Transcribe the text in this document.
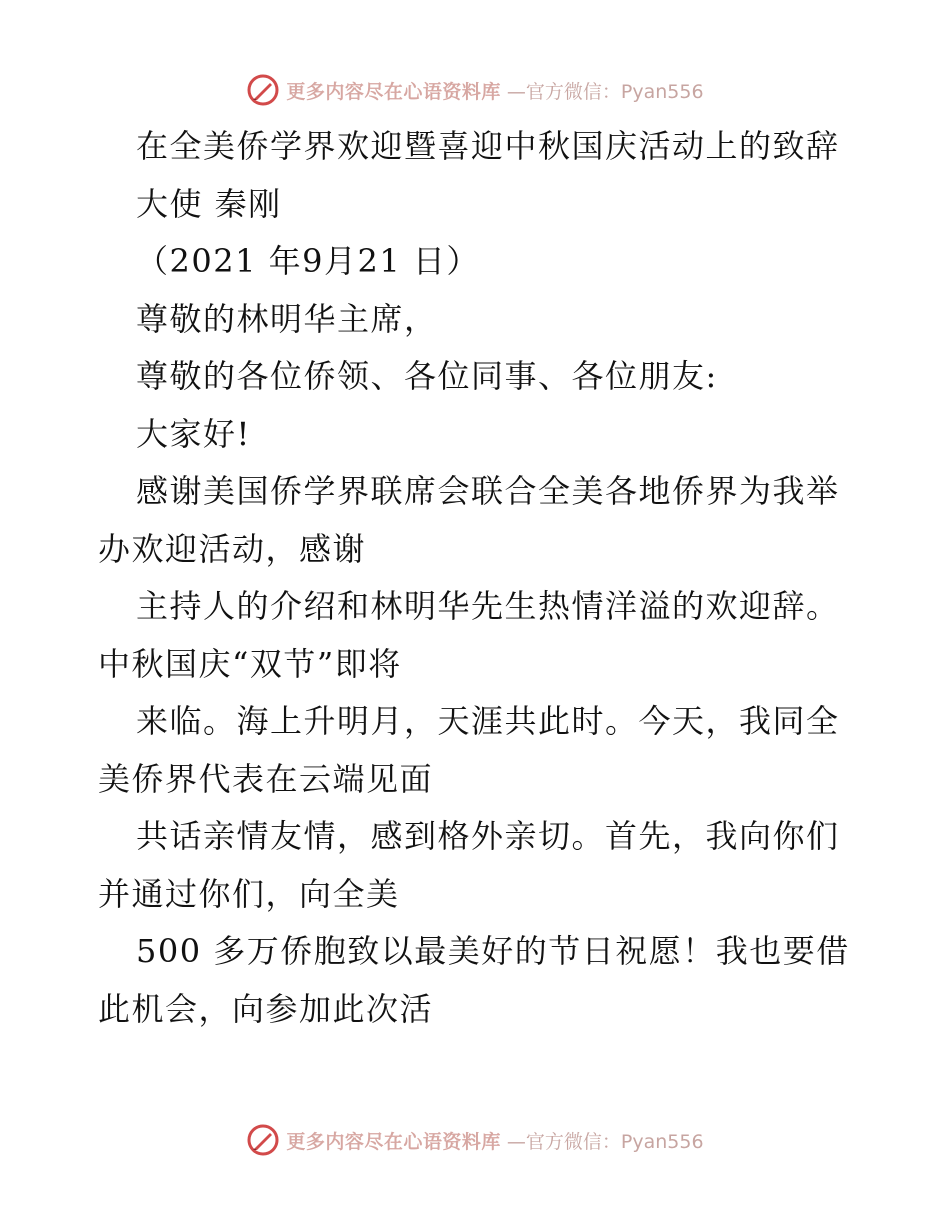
更多内容尽在心语资料库 —官方微信：Pyan556
在全美侨学界欢迎暨喜迎中秋国庆活动上的致辞
大使 秦刚
（2021 年9月21 日）
尊敬的林明华主席，
尊敬的各位侨领、各位同事、各位朋友:
大家好!
感谢美国侨学界联席会联合全美各地侨界为我举
办欢迎活动，感谢
主持人的介绍和林明华先生热情洋溢的欢迎辞。
中秋国庆“双节”即将
来临。海上升明月，天涯共此时。今天，我同全
美侨界代表在云端见面
共话亲情友情，感到格外亲切。首先，我向你们
并通过你们，向全美
500 多万侨胞致以最美好的节日祝愿！我也要借
此机会，向参加此次活
更多内容尽在心语资料库 —官方微信：Pyan556
